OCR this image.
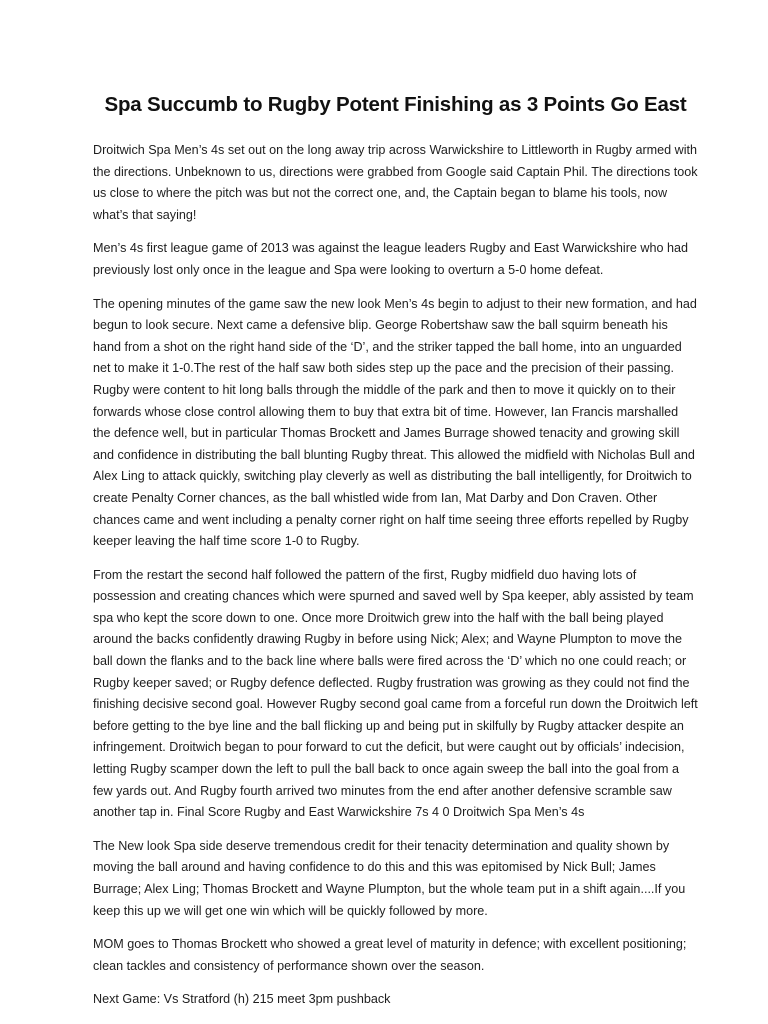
Spa Succumb to Rugby Potent Finishing as 3 Points Go East

Droitwich Spa Men’s 4s set out on the long away trip across Warwickshire to Littleworth in Rugby armed with the directions. Unbeknown to us, directions were grabbed from Google said Captain Phil. The directions took us close to where the pitch was but not the correct one, and, the Captain began to blame his tools, now what’s that saying!

Men’s 4s first league game of 2013 was against the league leaders Rugby and East Warwickshire who had previously lost only once in the league and Spa were looking to overturn a 5-0 home defeat.

The opening minutes of the game saw the new look Men’s 4s begin to adjust to their new formation, and had begun to look secure. Next came a defensive blip. George Robertshaw saw the ball squirm beneath his hand from a shot on the right hand side of the ‘D’, and the striker tapped the ball home, into an unguarded net to make it 1-0.The rest of the half saw both sides step up the pace and the precision of their passing. Rugby were content to hit long balls through the middle of the park and then to move it quickly on to their forwards whose close control allowing them to buy that extra bit of time. However, Ian Francis marshalled the defence well, but in particular Thomas Brockett and James Burrage showed tenacity and growing skill and confidence in distributing the ball blunting Rugby threat. This allowed the midfield with Nicholas Bull and Alex Ling to attack quickly, switching play cleverly as well as distributing the ball intelligently, for Droitwich to create Penalty Corner chances, as the ball whistled wide from Ian, Mat Darby and Don Craven. Other chances came and went including a penalty corner right on half time seeing three efforts repelled by Rugby keeper leaving the half time score 1-0 to Rugby.

From the restart the second half followed the pattern of the first, Rugby midfield duo having lots of possession and creating chances which were spurned and saved well by Spa keeper, ably assisted by team spa who kept the score down to one. Once more Droitwich grew into the half with the ball being played around the backs confidently drawing Rugby in before using Nick; Alex; and Wayne Plumpton to move the ball down the flanks and to the back line where balls were fired across the ‘D’ which no one could reach; or Rugby keeper saved; or Rugby defence deflected. Rugby frustration was growing as they could not find the finishing decisive second goal. However Rugby second goal came from a forceful run down the Droitwich left before getting to the bye line and the ball flicking up and being put in skilfully by Rugby attacker despite an infringement. Droitwich began to pour forward to cut the deficit, but were caught out by officials’ indecision, letting Rugby scamper down the left to pull the ball back to once again sweep the ball into the goal from a few yards out. And Rugby fourth arrived two minutes from the end after another defensive scramble saw another tap in. Final Score Rugby and East Warwickshire 7s 4 0 Droitwich Spa Men’s 4s

The New look Spa side deserve tremendous credit for their tenacity determination and quality shown by moving the ball around and having confidence to do this and this was epitomised by Nick Bull; James Burrage; Alex Ling; Thomas Brockett and Wayne Plumpton, but the whole team put in a shift again....If you keep this up we will get one win which will be quickly followed by more.

MOM goes to Thomas Brockett who showed a great level of maturity in defence; with excellent positioning; clean tackles and consistency of performance shown over the season.

Next Game: Vs Stratford (h) 215 meet 3pm pushback
